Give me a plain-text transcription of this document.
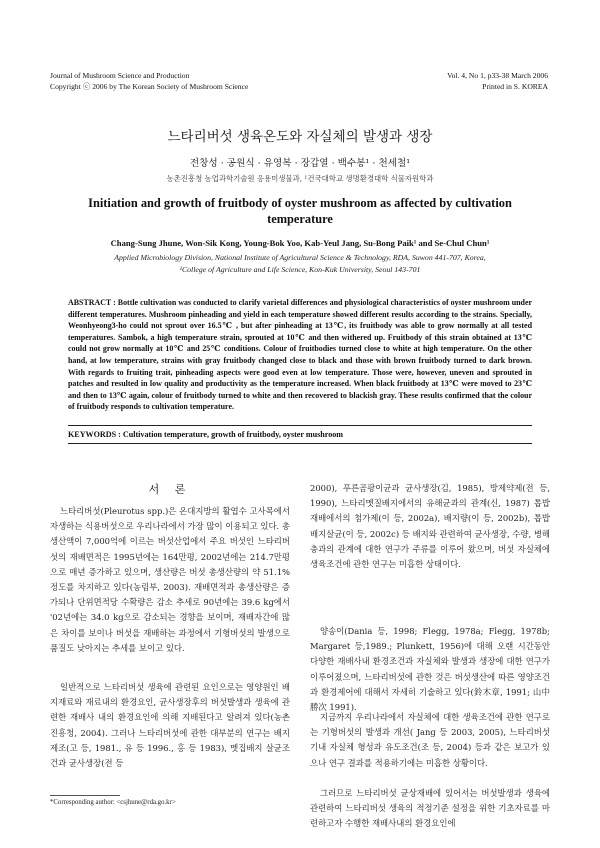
Journal of Mushroom Science and Production
Copyright ⓒ 2006 by The Korean Society of Mushroom Science
Vol. 4, No 1, p33-38 March 2006
Printed in S. KOREA
느타리버섯 생육온도와 자실체의 발생과 생장
전창성 · 공원식 · 유영복 · 장갑열 · 백수봉¹ · 천세철¹
농촌진흥청 농업과학기술원 응용미생물과, ¹건국대학교 생명환경대학 식물자원학과
Initiation and growth of fruitbody of oyster mushroom as affected by cultivation temperature
Chang-Sung Jhune, Won-Sik Kong, Young-Bok Yoo, Kab-Yeul Jang, Su-Bong Paik¹ and Se-Chul Chun¹
Applied Microbiology Division, National Institute of Agricultural Science & Technology, RDA, Suwon 441-707, Korea,
¹College of Agriculture and Life Science, Kon-Kuk University, Seoul 143-701
ABSTRACT : Bottle cultivation was conducted to clarify varietal differences and physiological characteristics of oyster mushroom under different temperatures. Mushroom pinheading and yield in each temperature showed different results according to the strains. Specially, Weonhyeong3-ho could not sprout over 16.5℃ , but after pinheading at 13℃, its fruitbody was able to grow normally at all tested temperatures. Sambok, a high temperature strain, sprouted at 10℃ and then withered up. Fruitbody of this strain obtained at 13℃ could not grow normally at 10℃ and 25℃ conditions. Colour of fruitbodies turned close to white at high temperature. On the other hand, at low temperature, strains with gray fruitbody changed close to black and those with brown fruitbody turned to dark brown. With regards to fruiting trait, pinheading aspects were good even at low temperature. Those were, however, uneven and sprouted in patches and resulted in low quality and productivity as the temperature increased. When black fruitbody at 13℃ were moved to 23℃ and then to 13℃ again, colour of fruitbody turned to white and then recovered to blackish gray. These results confirmed that the colour of fruitbody responds to cultivation temperature.
KEYWORDS : Cultivation temperature, growth of fruitbody, oyster mushroom
서 론

느타리버섯(Pleurotus spp.)은 온대지방의 활엽수 고사목에서 자생하는 식용버섯으로 우리나라에서 가장 많이 이용되고 있다. 총생산액이 7,000억에 이르는 버섯산업에서 주요 버섯인 느타리버섯의 재배면적은 1995년에는 164만평, 2002년에는 214.7만평으로 매년 증가하고 있으며, 생산량은 버섯 총생산량의 약 51.1%정도를 차지하고 있다(농림부, 2003). 재배면적과 총생산량은 증가되나 단위면적당 수확량은 감소 추세로 90년에는 39.6 kg에서 '02년에는 34.0 kg으로 감소되는 경향을 보이며, 재배자간에 많은 차이를 보이나 버섯을 재배하는 과정에서 기형버섯의 발생으로 품질도 낮아지는 추세를 보이고 있다.

일반적으로 느타리버섯 생육에 관련된 요인으로는 영양원인 배지재료와 재료내의 환경요인, 균사생장후의 버섯발생과 생육에 관련한 재배사 내의 환경요인에 의해 지배된다고 알려져 있다(농촌진흥청, 2004). 그러나 느타리버섯에 관한 대부분의 연구는 배지제조(고 등, 1981., 유 등 1996., 홍 등 1983), 멧집배지 살균조건과 균사생장(전 등

2000), 푸른곰팡이균과 균사생장(김, 1985), 방제약제(전 등, 1990), 느타리멧질배지에서의 유해균과의 관계(신, 1987) 톱밥재배에서의 첨가제(이 등, 2002a), 배지량(이 등, 2002b), 톱밥 배지살균(이 등, 2002c) 등 배지와 관련하여 균사생장, 수량, 병해충과의 관계에 대한 연구가 주류를 이루어 왔으며, 버섯 자실체에 생육조건에 관한 연구는 미흡한 상태이다.

양송이(Dania 등, 1998; Flegg, 1978a; Flegg, 1978b; Margaret 등,1989.; Plunkett, 1956)에 대해 오랜 시간동안 다양한 재배사내 환경조건과 자실체와 발생과 생장에 대한 연구가 이루어졌으며, 느타리버섯에 관한 것은 버섯생산에 따른 영양조건과 환경제어에 대해서 자세히 기술하고 있다(鈴木章, 1991; 山中勝次 1991).

지금까지 우리나라에서 자실체에 대한 생육조건에 관한 연구로는 기형버섯의 발생과 개선( Jang 등 2003, 2005), 느타리버섯 기내 자실체 형성과 유도조건(조 등, 2004) 등과 같은 보고가 있으나 연구 결과를 적용하기에는 미흡한 상황이다.

그러므로 느타리버섯 균상재배에 있어서는 버섯발생과 생육에 관련하여 느타리버섯 생육의 적정기준 설정을 위한 기초자료를 마련하고자 수행한 재배사내의 환경요인에

*Corresponding author: <csjhune@rda.go.kr>
